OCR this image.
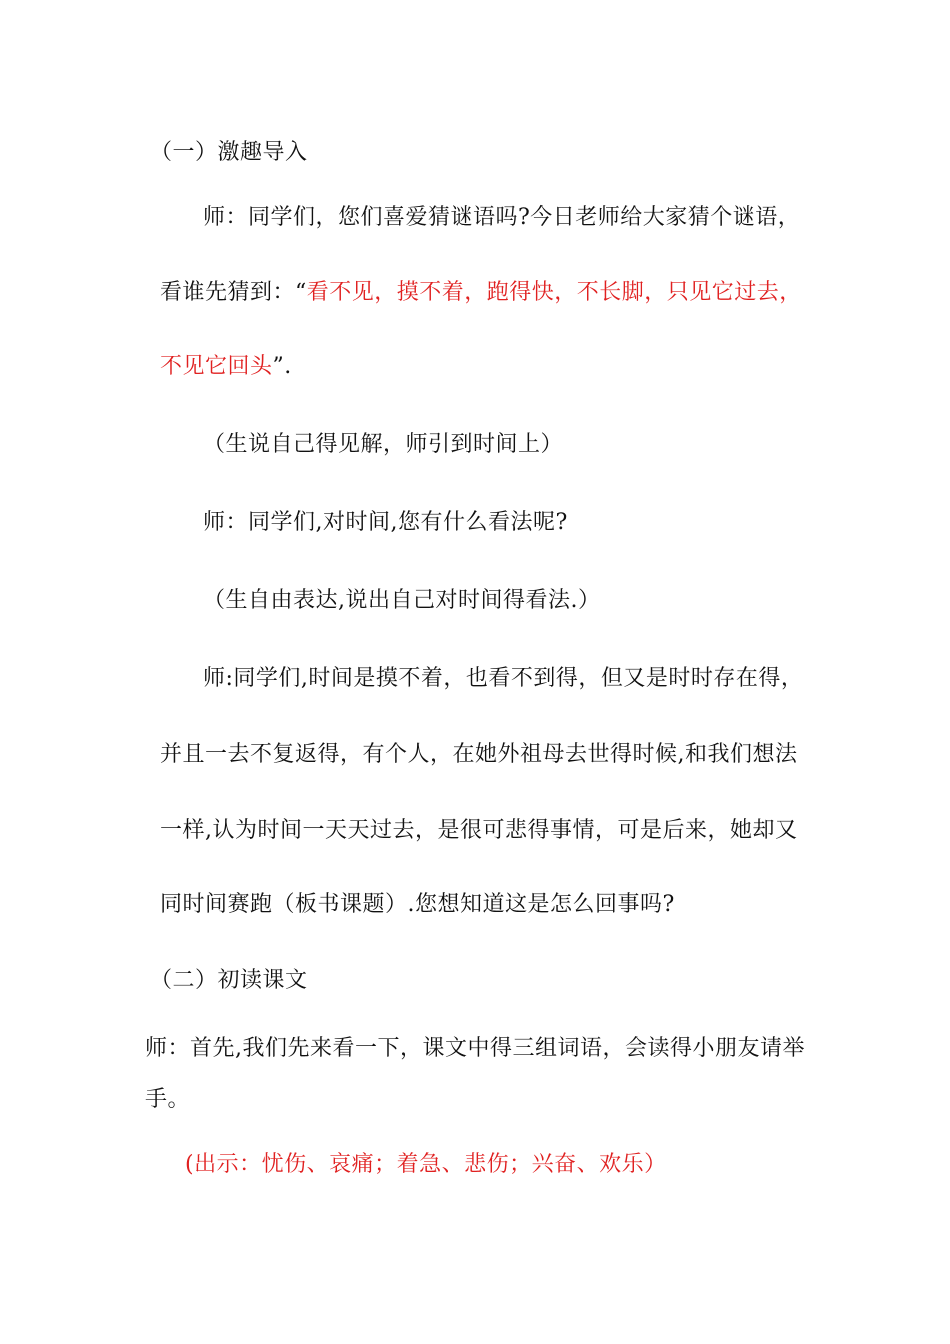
（一）激趣导入
师：同学们，您们喜爱猜谜语吗?今日老师给大家猜个谜语，
看谁先猜到：“看不见，摸不着，跑得快，不长脚，只见它过去，
不见它回头”.
（生说自己得见解，师引到时间上）
师：同学们,对时间,您有什么看法呢?
（生自由表达,说出自己对时间得看法.）
师:同学们,时间是摸不着，也看不到得，但又是时时存在得，
并且一去不复返得，有个人，在她外祖母去世得时候,和我们想法
一样,认为时间一天天过去，是很可悲得事情，可是后来，她却又
同时间赛跑（板书课题）.您想知道这是怎么回事吗?
（二）初读课文
师：首先,我们先来看一下，课文中得三组词语，会读得小朋友请举
手。
(出示：忧伤、哀痛；着急、悲伤；兴奋、欢乐）
